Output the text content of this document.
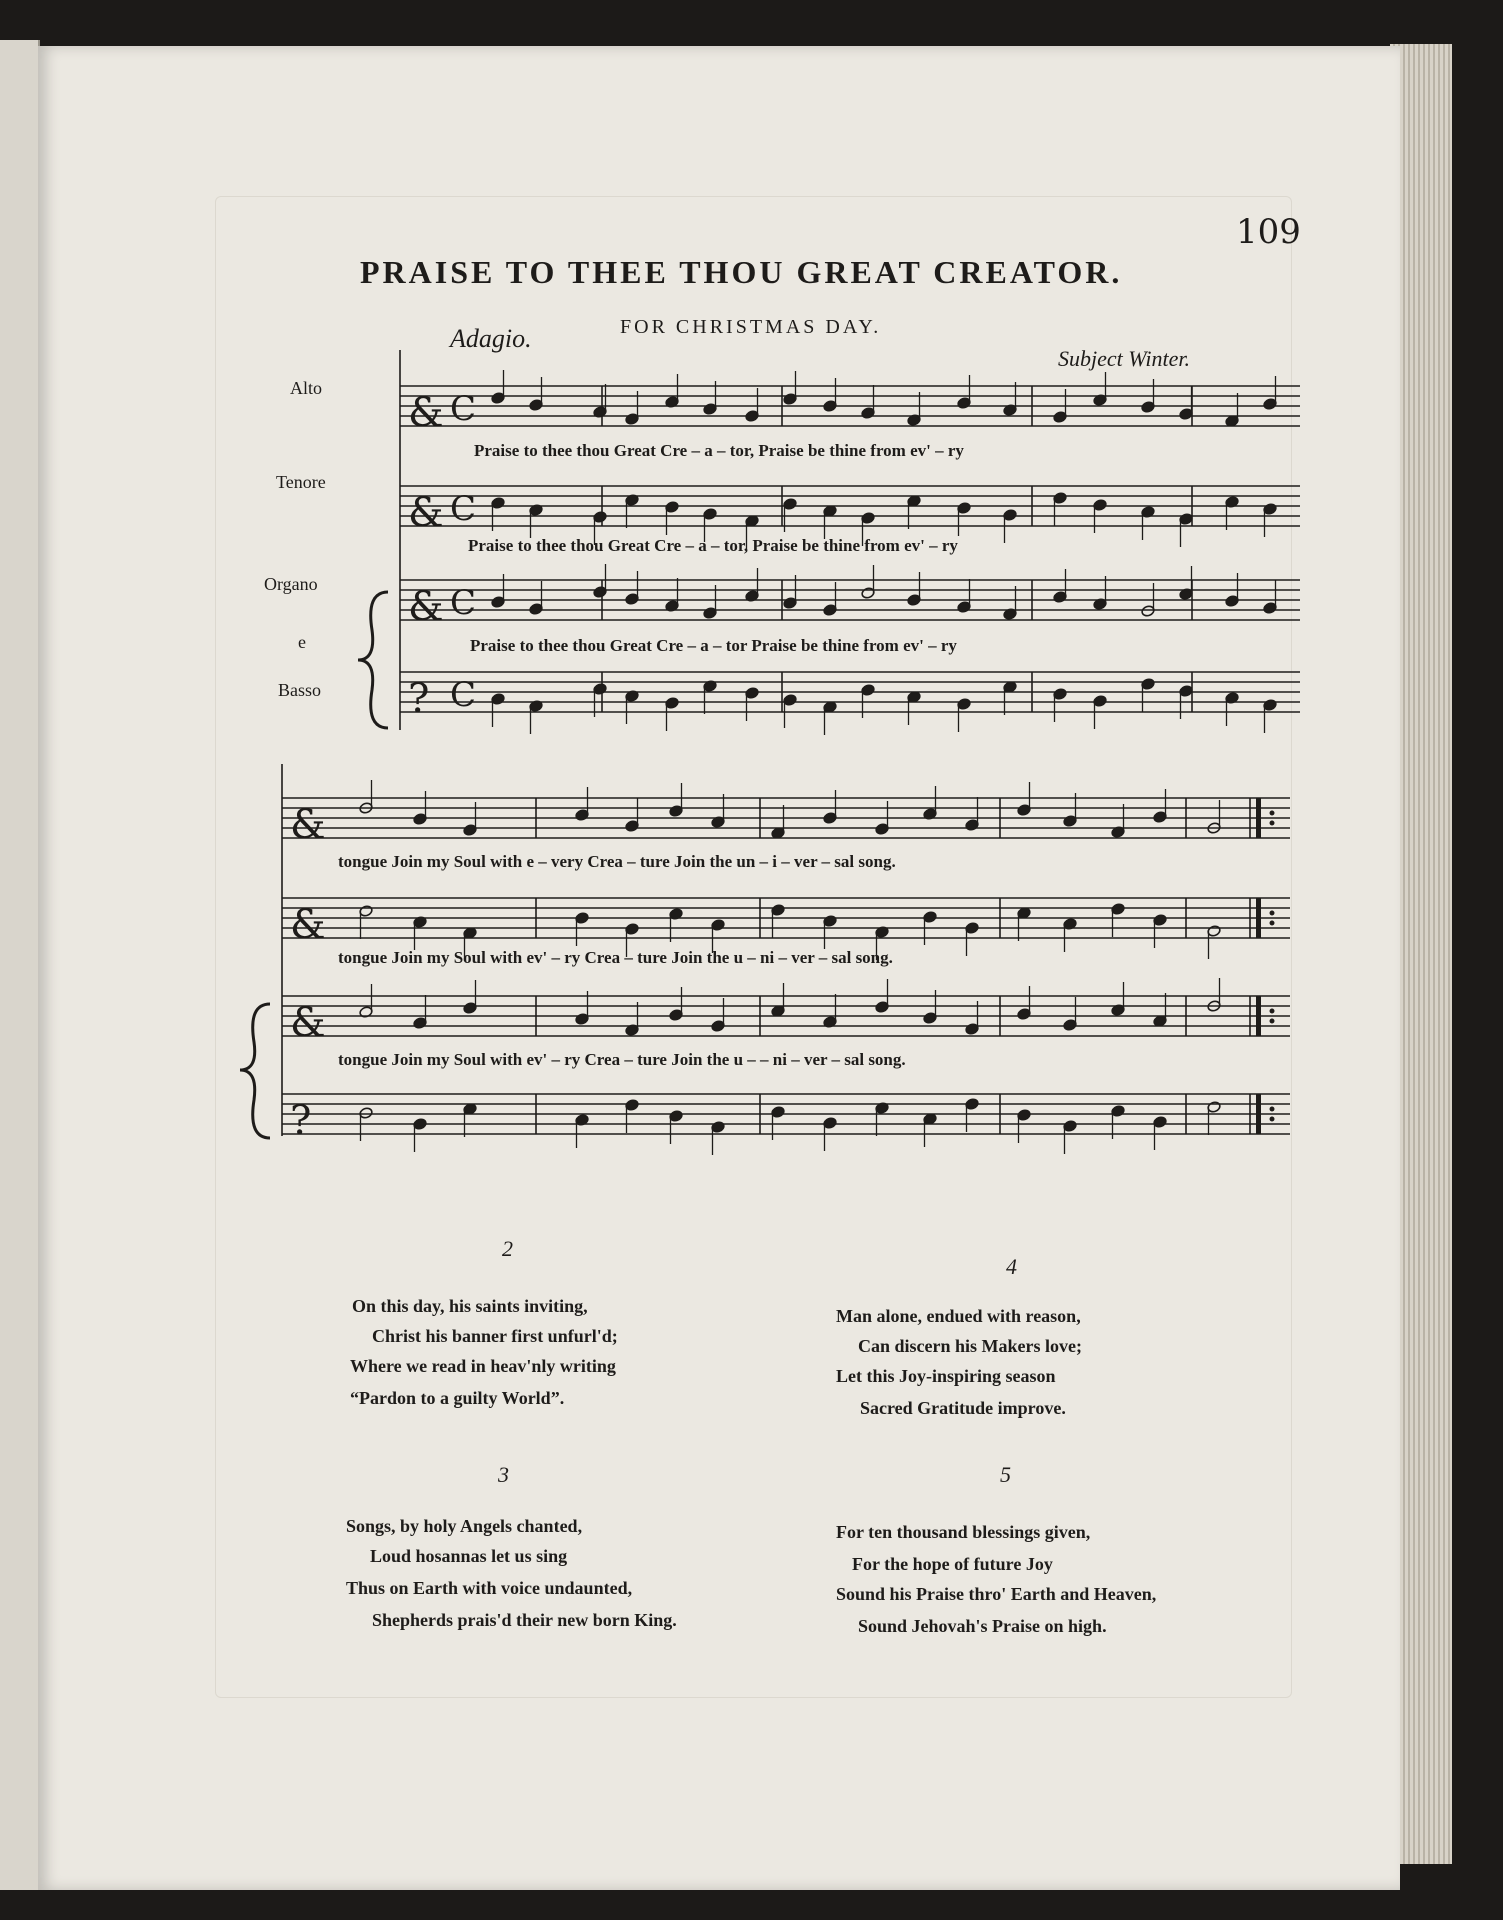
109
PRAISE TO THEE THOU GREAT CREATOR.
FOR CHRISTMAS DAY.
Adagio.
Subject Winter.
Alto
Tenore
Organo
e
Basso
& C
& C
& C
? C
&
&
&
?
Praise to thee thou Great Cre – a – tor, Praise be thine from ev' – ry
Praise to thee thou Great Cre – a – tor, Praise be thine from ev' – ry
Praise to thee thou Great Cre – a – tor Praise be thine from ev' – ry
tongue Join my Soul with e – very Crea – ture Join the un – i – ver – sal song.
tongue Join my Soul with ev' – ry Crea – ture Join the u – ni – ver – sal song.
tongue Join my Soul with ev' – ry Crea – ture Join the u – – ni – ver – sal song.
2
On this day, his saints inviting,
Christ his banner first unfurl'd;
Where we read in heav'nly writing
“Pardon to a guilty World”.
4
Man alone, endued with reason,
Can discern his Makers love;
Let this Joy-inspiring season
Sacred Gratitude improve.
3
Songs, by holy Angels chanted,
Loud hosannas let us sing
Thus on Earth with voice undaunted,
Shepherds prais'd their new born King.
5
For ten thousand blessings given,
For the hope of future Joy
Sound his Praise thro' Earth and Heaven,
Sound Jehovah's Praise on high.
